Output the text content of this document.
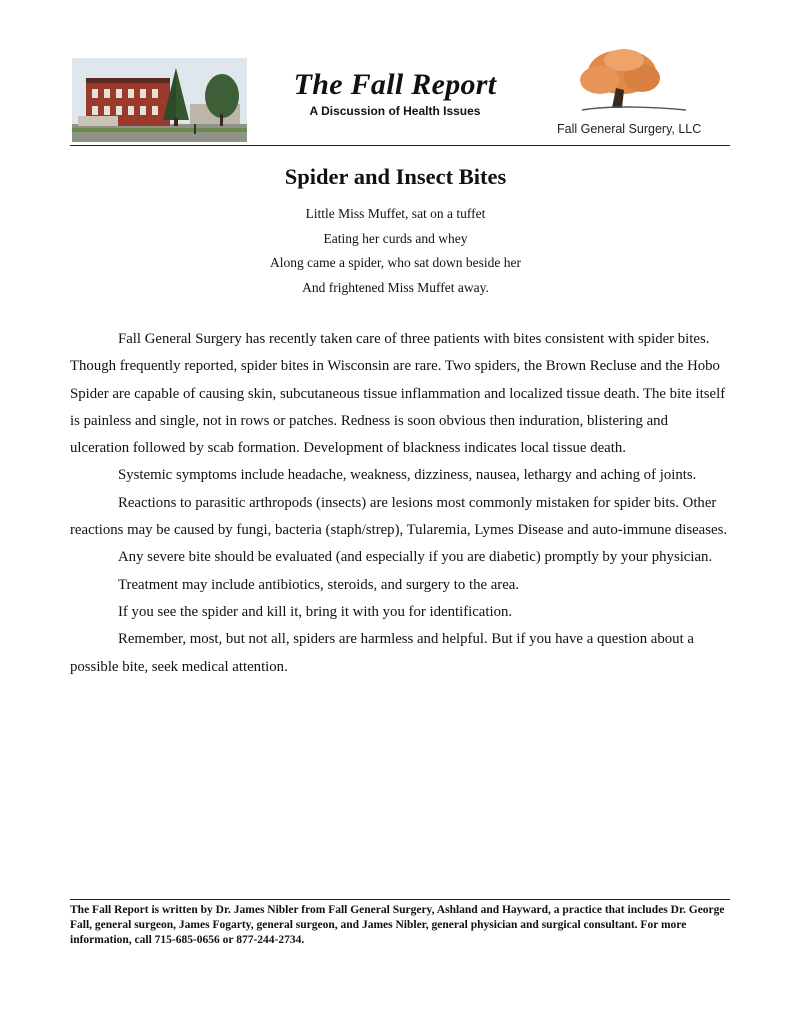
The Fall Report
A Discussion of Health Issues
Fall General Surgery, LLC
Spider and Insect Bites
Little Miss Muffet, sat on a tuffet
Eating her curds and whey
Along came a spider, who sat down beside her
And frightened Miss Muffet away.

Fall General Surgery has recently taken care of three patients with bites consistent with spider bites. Though frequently reported, spider bites in Wisconsin are rare. Two spiders, the Brown Recluse and the Hobo Spider are capable of causing skin, subcutaneous tissue inflammation and localized tissue death. The bite itself is painless and single, not in rows or patches. Redness is soon obvious then induration, blistering and ulceration followed by scab formation. Development of blackness indicates local tissue death.

Systemic symptoms include headache, weakness, dizziness, nausea, lethargy and aching of joints.

Reactions to parasitic arthropods (insects) are lesions most commonly mistaken for spider bits. Other reactions may be caused by fungi, bacteria (staph/strep), Tularemia, Lymes Disease and auto-immune diseases.

Any severe bite should be evaluated (and especially if you are diabetic) promptly by your physician.

Treatment may include antibiotics, steroids, and surgery to the area.

If you see the spider and kill it, bring it with you for identification.

Remember, most, but not all, spiders are harmless and helpful. But if you have a question about a possible bite, seek medical attention.

The Fall Report is written by Dr. James Nibler from Fall General Surgery, Ashland and Hayward, a practice that includes Dr. George Fall, general surgeon, James Fogarty, general surgeon, and James Nibler, general physician and surgical consultant. For more information, call 715-685-0656 or 877-244-2734.
